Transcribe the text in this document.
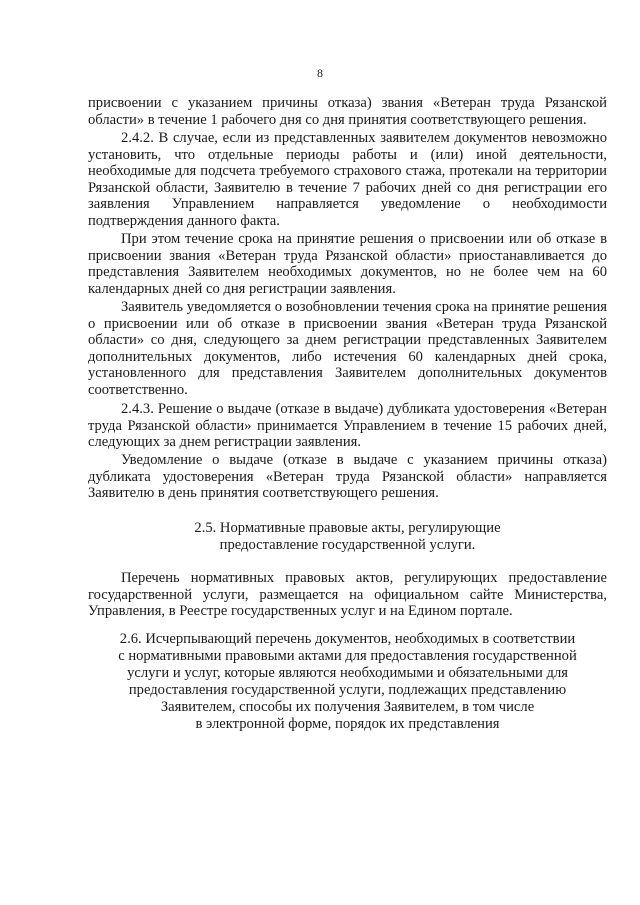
8

присвоении с указанием причины отказа) звания «Ветеран труда Рязанской области» в течение 1 рабочего дня со дня принятия соответствующего решения.

2.4.2. В случае, если из представленных заявителем документов невозможно установить, что отдельные периоды работы и (или) иной деятельности, необходимые для подсчета требуемого страхового стажа, протекали на территории Рязанской области, Заявителю в течение 7 рабочих дней со дня регистрации его заявления Управлением направляется уведомление о необходимости подтверждения данного факта.

При этом течение срока на принятие решения о присвоении или об отказе в присвоении звания «Ветеран труда Рязанской области» приостанавливается до представления Заявителем необходимых документов, но не более чем на 60 календарных дней со дня регистрации заявления.

Заявитель уведомляется о возобновлении течения срока на принятие решения о присвоении или об отказе в присвоении звания «Ветеран труда Рязанской области» со дня, следующего за днем регистрации представленных Заявителем дополнительных документов, либо истечения 60 календарных дней срока, установленного для представления Заявителем дополнительных документов соответственно.

2.4.3. Решение о выдаче (отказе в выдаче) дубликата удостоверения «Ветеран труда Рязанской области» принимается Управлением в течение 15 рабочих дней, следующих за днем регистрации заявления.

Уведомление о выдаче (отказе в выдаче с указанием причины отказа) дубликата удостоверения «Ветеран труда Рязанской области» направляется Заявителю в день принятия соответствующего решения.

2.5. Нормативные правовые акты, регулирующие

предоставление государственной услуги.

Перечень нормативных правовых актов, регулирующих предоставление государственной услуги, размещается на официальном сайте Министерства, Управления, в Реестре государственных услуг и на Едином портале.

2.6. Исчерпывающий перечень документов, необходимых в соответствии

с нормативными правовыми актами для предоставления государственной

услуги и услуг, которые являются необходимыми и обязательными для

предоставления государственной услуги, подлежащих представлению

Заявителем, способы их получения Заявителем, в том числе

в электронной форме, порядок их представления
